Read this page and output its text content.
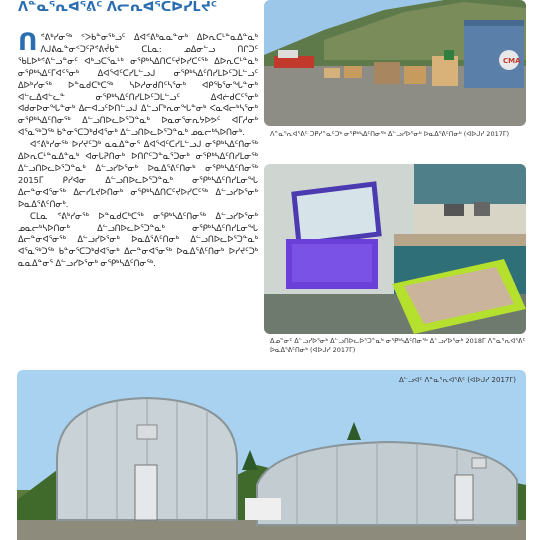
ᐱᓐᓇᕐᕆᐊᕐᕕᑦ ᐱᓕᕆᐊᕐᑕᐅᓯᒪᔪᑦ
ᑎ ᕝᕕᒃᓯᓂᖅ ᑉᐳᑲᓐᓂᕐᒃᓗᑦ ᐃᐊᕝᕕᒃᓇᓇᓐᓂᒃ ᐃᐅᕆᑕᒻᓐᓇᐃᓐᓇᒃ ᐱᒍᕕᓇᓐᓂᑉᑐᑦᕈᕝᕕᔫᑲᓐ ᑕᒪᓇ: ᓄᐃᓂᓪᓗ ᑎᒋᑐᑦ ᖃᒪᐅᒃᕝᕕᓪᓗᓐᓂᑦ ᐊᒃᓗᑕᕐᓇᒻᒃ ᓂᕿᒃᓴᐃᑎᑕᑦᔪᐅᓯᑕᑦᕐᒃ ᐃᐅᕆᑕᒻᓐᓇᒃ ᓂᕿᒃᓴᐃᑦᒥᐊᑦᕐᓂᒃ ᐃᐊᕐᐊᑦᑕᓯᒪᓪᓗᒍ ᓂᕿᒃᓴᐃᑦᑎᓯᒪᐅᑦᑐᒪᓪᓗᑦ ᐃᐅᒃᓯᓂᖅ ᐅᓐᓇᑯᑕᒃᑕᕐᒃ ᓴᐅᓱᓂᑯᑎᑦᓴᕐᓂᒃ ᐊᑭᖃᕐᓂᖓᓐᓂᒃ ᐊᓪᓚᐃᐊᓪᓚᓐ ᓂᕿᒃᓴᐃᑦᑎᓯᒪᐅᑦᑐᒪᓪᓗᑦ ᐃᐊᓖᑯᑕᑦᕐᓂᒃ ᐊᑯᓂᐅᓂᖓᓐᓂᒃ ᐃᓕᐊᓗᑦᐅᑎᓪᓗᒍ ᐃᓪᓗᒥᒃᕆᓂᖓᓐᓂᒃ ᐸᓇᐊᓕᒃᓴᕐᓂᒃ ᓂᕿᒃᓴᐃᑦᑎᓂᖅ ᐃᓪᓗᑎᐅᓚᐅᕐᑐᓐᓇᒃ ᐅᓇᓂᕐᓂᕆᔭᐅᕗᑦ ᐊᒥᓱᓂᒃ ᐊᕐᓇᖅᑐᖅ ᑲᓐᓂᕐᑕᑐᒃᑯᐊᕐᓂᒃ ᐃᓪᓗᑎᐅᓚᐅᕐᑐᓐᓇᒃ ᓄᓇᓕᒃᓴᐅᑎᓂᒃ.

ᐊᕝᕕᒃᓯᓂᖅ ᐅᓯᔪᑦᑐᒃ ᓇᓇᐃᓐᓂᕐ ᐃᐊᕐᐊᑦᑕᓯᒪᓪᓗᒍ ᓂᕿᒃᓴᐃᑦᑎᓂᖅ ᐃᐅᕆᑕᒻᓐᓇᐃᓐᓇᒃ ᐊᓂᒐᕈᑎᓂᒃ ᐅᑎᒋᑦᑐᓐᓇᕐᑐᓂᒃ ᓂᕿᒃᓴᐃᑦᑎᓯᒪᓂᖅ ᐃᓪᓗᑎᐅᓚᐅᕐᑐᓐᓇᒃ ᐃᓪᓗᓯᐅᕐᓂᒃ ᐅᓇᐃᕐᕕᑦᑎᓂᒃ ᓂᕿᒃᓴᐃᑦᑎᓂᖅ 2015ᒥ ᑭᓯᐊᓂ ᐃᓪᓗᑎᐅᓚᐅᕐᑐᓐᓇᒃ ᓂᕿᒃᓴᐃᑦᑎᓯᒪᓂᖓ ᐃᓕᓐᓂᐊᕐᓂᖅ ᐃᓕᓯᒪᔪᐅᑎᓂᒃ ᓂᕿᒃᓴᐃᑎᑕᑦᔪᐅᓯᑕᑦᕐᒃ ᐃᓪᓗᓯᐅᕐᓂᒃ ᐅᓇᐃᕐᕕᑦᑎᓂᒃ.

ᑕᒪᓇ ᕝᕕᒃᓯᓂᖅ ᐅᓐᓇᑯᑕᒃᑕᕐᒃ ᓂᕿᒃᓴᐃᑦᑎᓂᖅ ᐃᓪᓗᓯᐅᕐᓂᒃ ᓄᓇᓕᒃᓴᐅᑎᓂᒃ ᐃᓪᓗᑎᐅᓚᐅᕐᑐᓐᓇᒃ ᓂᕿᒃᓴᐃᑦᑎᓯᒪᓂᖓ ᐃᓕᓐᓂᐊᕐᓂᖅ ᐃᓪᓗᓯᐅᕐᓂᒃ ᐅᓇᐃᕐᕕᑦᑎᓂᒃ ᐃᓪᓗᑎᐅᓚᐅᕐᑐᓐᓇᒃ ᐊᕐᓇᖅᑐᖅ ᑲᓐᓂᕐᑕᑐᒃᑯᐊᕐᓂᒃ ᐃᓕᓐᓂᐊᕐᓂᖅ ᐅᓇᐃᕐᕕᑦᑎᓂᒃ ᐅᓯᔪᑦᑐᒃ ᓇᓇᐃᓐᓂᕐ ᐃᓪᓗᓯᐅᕐᓂᒃ ᓂᕿᒃᓴᐃᑦᑎᓂᖅ.

CMA
ᐱᓐᓇᕐᕆᐊᕐᕕᑦ ᑐᑭᓯᓐᓇᑦᑐᒃ ᓂᕿᒃᓴᐃᑦᑎᓂᖅ ᐃᓪᓗᓯᐅᕐᓂᒃ ᐅᓇᐃᕐᕕᑦᑎᓂᒃ (ᐊᐅᒍᓯ 2017ᒥ)
ᐃᓄᓐᓂᑦ ᐃᓪᓗᓯᐅᕐᓂᒃ ᐃᓪᓗᑎᐅᓚᐅᕐᑐᓐᓇᒃ ᓂᕿᒃᓴᐃᑦᑎᓂᖅ ᐃᓪᓗᓯᐅᕐᓂᒃ 2018ᒥ ᐱᓐᓇᕐᕆᐊᕐᕕᑦ ᐅᓇᐃᕐᕕᑦᑎᓂᒃ (ᐊᐅᒍᓯ 2017ᒥ)
ᐃᓪᓗᐊᑦ ᐱᓐᓇᕐᕆᐊᕐᕕᑦ (ᐊᐅᒍᓯ 2017ᒥ)
